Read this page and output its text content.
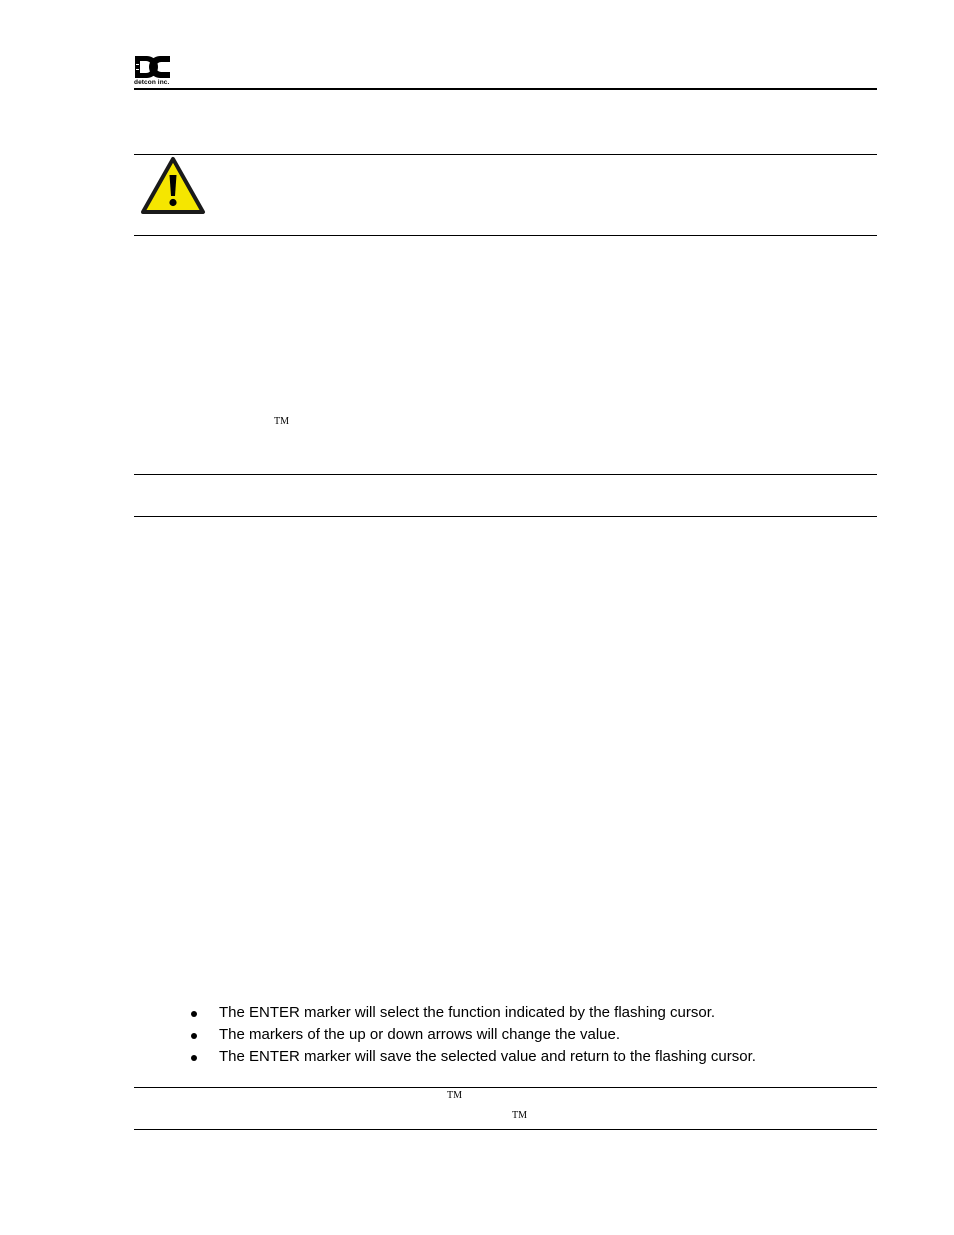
detcon inc.
TM
The ENTER marker will select the function indicated by the flashing cursor.
The markers of the up or down arrows will change the value.
The ENTER marker will save the selected value and return to the flashing cursor.
TM
TM
